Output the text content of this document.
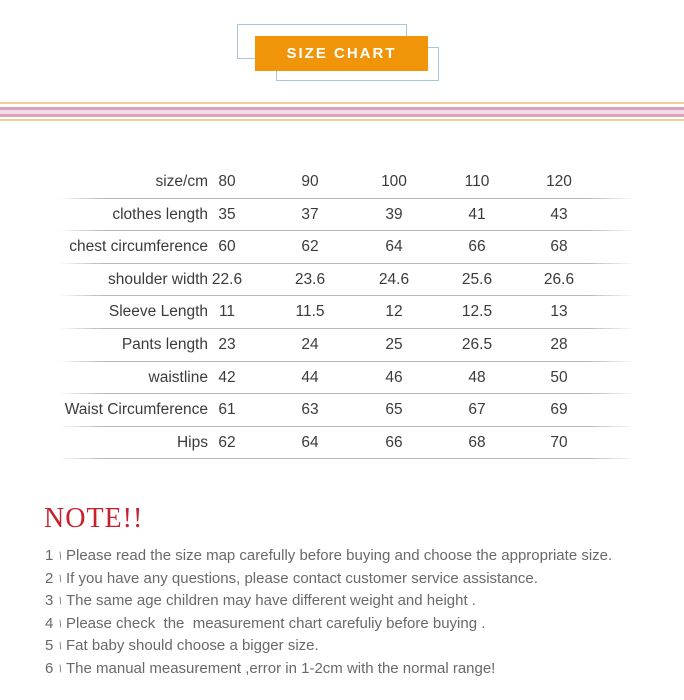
SIZE CHART
size/cm 80	90	100	110	120
clothes length 35	37	39	41	43
chest circumference 60	62	64	66	68
shoulder width 22.6	23.6	24.6	25.6	26.6
Sleeve Length 11	11.5	12	12.5	13
Pants length 23	24	25	26.5	28
waistline 42	44	46	48	50
Waist Circumference 61	63	65	67	69
Hips 62	64	66	68	70
NOTE!!
1 \ Please read the size map carefully before buying and choose the appropriate size.
2 \ If you have any questions, please contact customer service assistance.
3 \ The same age children may have different weight and height .
4 \ Please check  the  measurement chart carefuliy before buying .
5 \ Fat baby should choose a bigger size.
6 \ The manual measurement ,error in 1-2cm with the normal range!
